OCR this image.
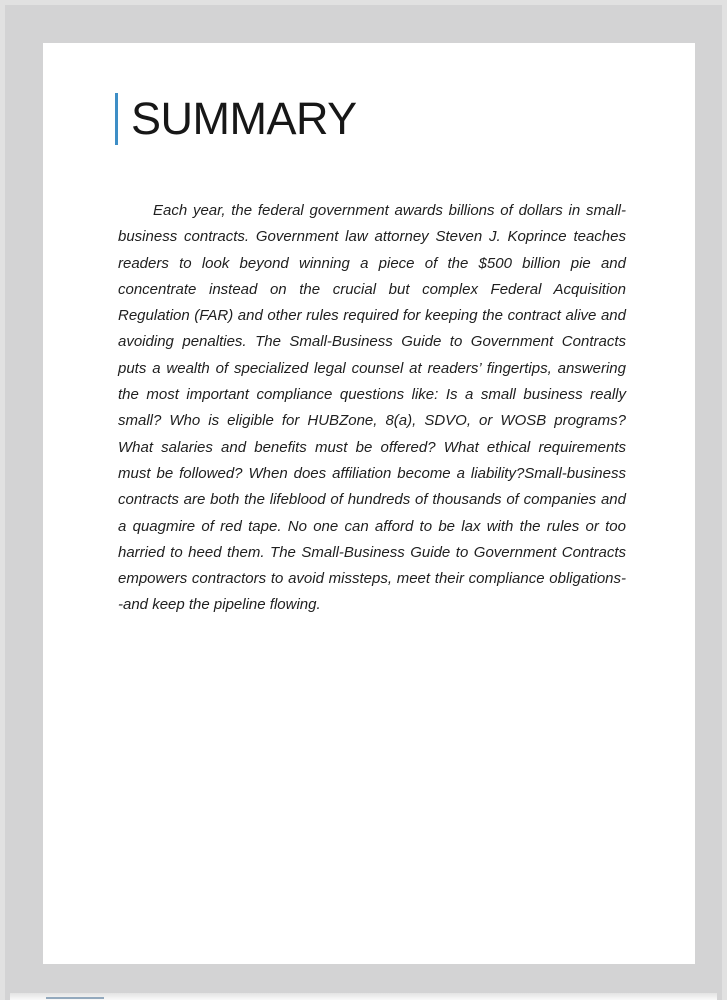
SUMMARY
Each year, the federal government awards billions of dollars in small-business contracts. Government law attorney Steven J. Koprince teaches readers to look beyond winning a piece of the $500 billion pie and concentrate instead on the crucial but complex Federal Acquisition Regulation (FAR) and other rules required for keeping the contract alive and avoiding penalties. The Small-Business Guide to Government Contracts puts a wealth of specialized legal counsel at readers’ fingertips, answering the most important compliance questions like: Is a small business really small? Who is eligible for HUBZone, 8(a), SDVO, or WOSB programs? What salaries and benefits must be offered? What ethical requirements must be followed? When does affiliation become a liability?Small-business contracts are both the lifeblood of hundreds of thousands of companies and a quagmire of red tape. No one can afford to be lax with the rules or too harried to heed them. The Small-Business Guide to Government Contracts empowers contractors to avoid missteps, meet their compliance obligations--and keep the pipeline flowing.
